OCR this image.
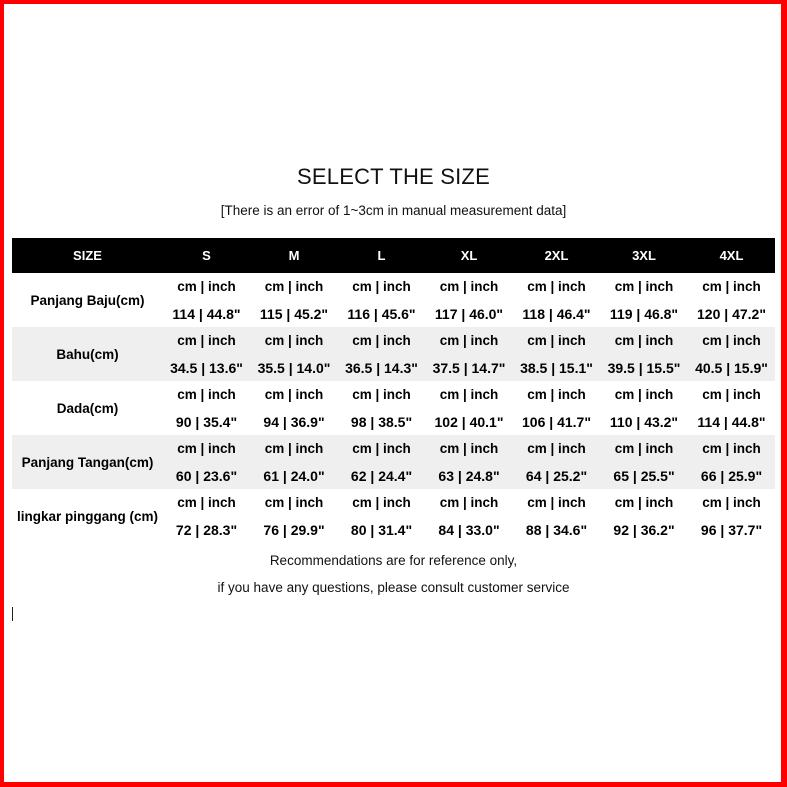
SELECT THE SIZE
[There is an error of 1~3cm in manual measurement data]
SIZE	S	M	L	XL	2XL	3XL	4XL
Panjang Baju(cm)	cm | inch	cm | inch	cm | inch	cm | inch	cm | inch	cm | inch	cm | inch
	114 | 44.8"	115 | 45.2"	116 | 45.6"	117 | 46.0"	118 | 46.4"	119 | 46.8"	120 | 47.2"
Bahu(cm)	cm | inch	cm | inch	cm | inch	cm | inch	cm | inch	cm | inch	cm | inch
	34.5 | 13.6"	35.5 | 14.0"	36.5 | 14.3"	37.5 | 14.7"	38.5 | 15.1"	39.5 | 15.5"	40.5 | 15.9"
Dada(cm)	cm | inch	cm | inch	cm | inch	cm | inch	cm | inch	cm | inch	cm | inch
	90 | 35.4"	94 | 36.9"	98 | 38.5"	102 | 40.1"	106 | 41.7"	110 | 43.2"	114 | 44.8"
Panjang Tangan(cm)	cm | inch	cm | inch	cm | inch	cm | inch	cm | inch	cm | inch	cm | inch
	60 | 23.6"	61 | 24.0"	62 | 24.4"	63 | 24.8"	64 | 25.2"	65 | 25.5"	66 | 25.9"
lingkar pinggang (cm)	cm | inch	cm | inch	cm | inch	cm | inch	cm | inch	cm | inch	cm | inch
	72 | 28.3"	76 | 29.9"	80 | 31.4"	84 | 33.0"	88 | 34.6"	92 | 36.2"	96 | 37.7"
Recommendations are for reference only,
if you have any questions, please consult customer service
